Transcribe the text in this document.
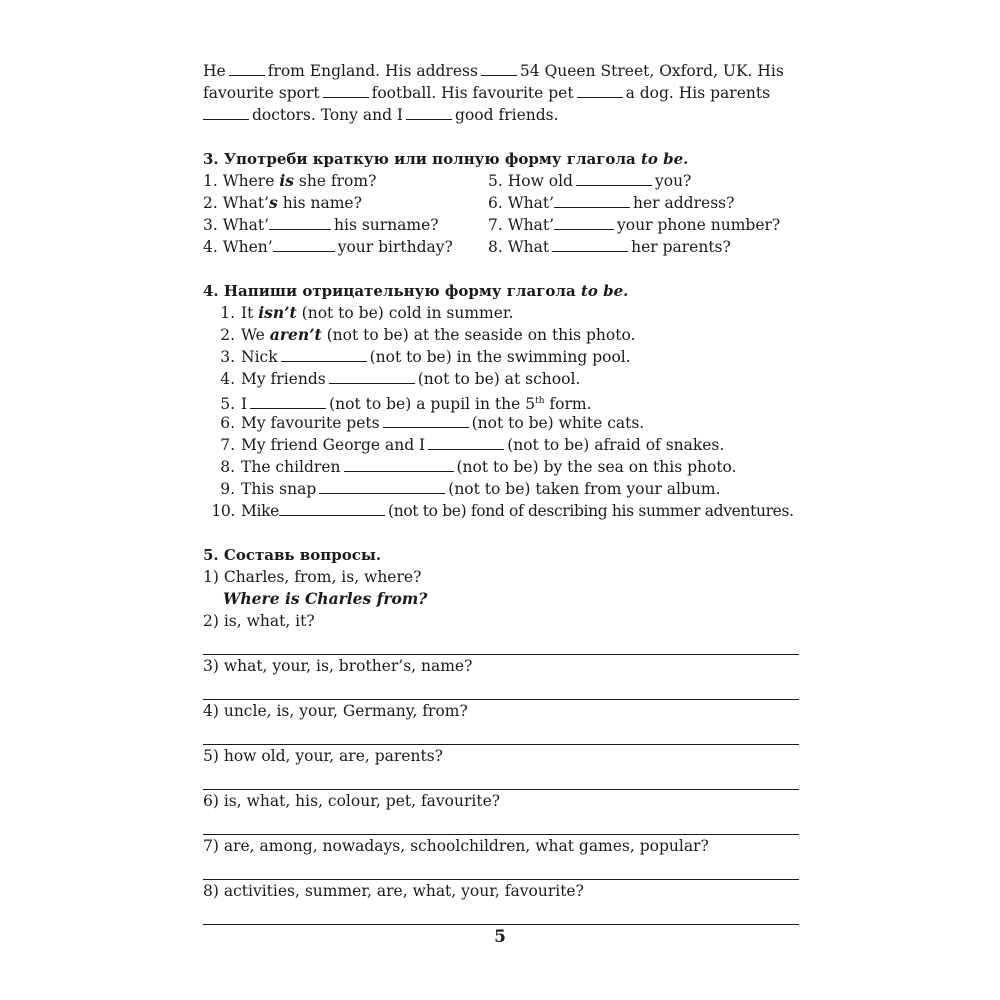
He	from England. His address	54 Queen Street, Oxford, UK. His
favourite sport	football. His favourite pet	a dog. His parents
doctors. Tony and I	good friends.
3. Употреби краткую или полную форму глагола to be.
1. Where is she from?
2. What’s his name?
3. What’	his surname?
4. When’	your birthday?
5. How old	you?
6. What’	her address?
7. What’	your phone number?
8. What	her parents?
4. Напиши отрицательную форму глагола to be.
1. It isn’t (not to be) cold in summer.
2. We aren’t (not to be) at the seaside on this photo.
3. Nick	(not to be) in the swimming pool.
4. My friends	(not to be) at school.
5. I	(not to be) a pupil in the 5th form.
6. My favourite pets	(not to be) white cats.
7. My friend George and I	(not to be) afraid of snakes.
8. The children	(not to be) by the sea on this photo.
9. This snap	(not to be) taken from your album.
10. Mike	(not to be) fond of describing his summer adventures.
5. Составь вопросы.
1) Charles, from, is, where?
Where is Charles from?
2) is, what, it?
3) what, your, is, brother’s, name?
4) uncle, is, your, Germany, from?
5) how old, your, are, parents?
6) is, what, his, colour, pet, favourite?
7) are, among, nowadays, schoolchildren, what games, popular?
8) activities, summer, are, what, your, favourite?
5
